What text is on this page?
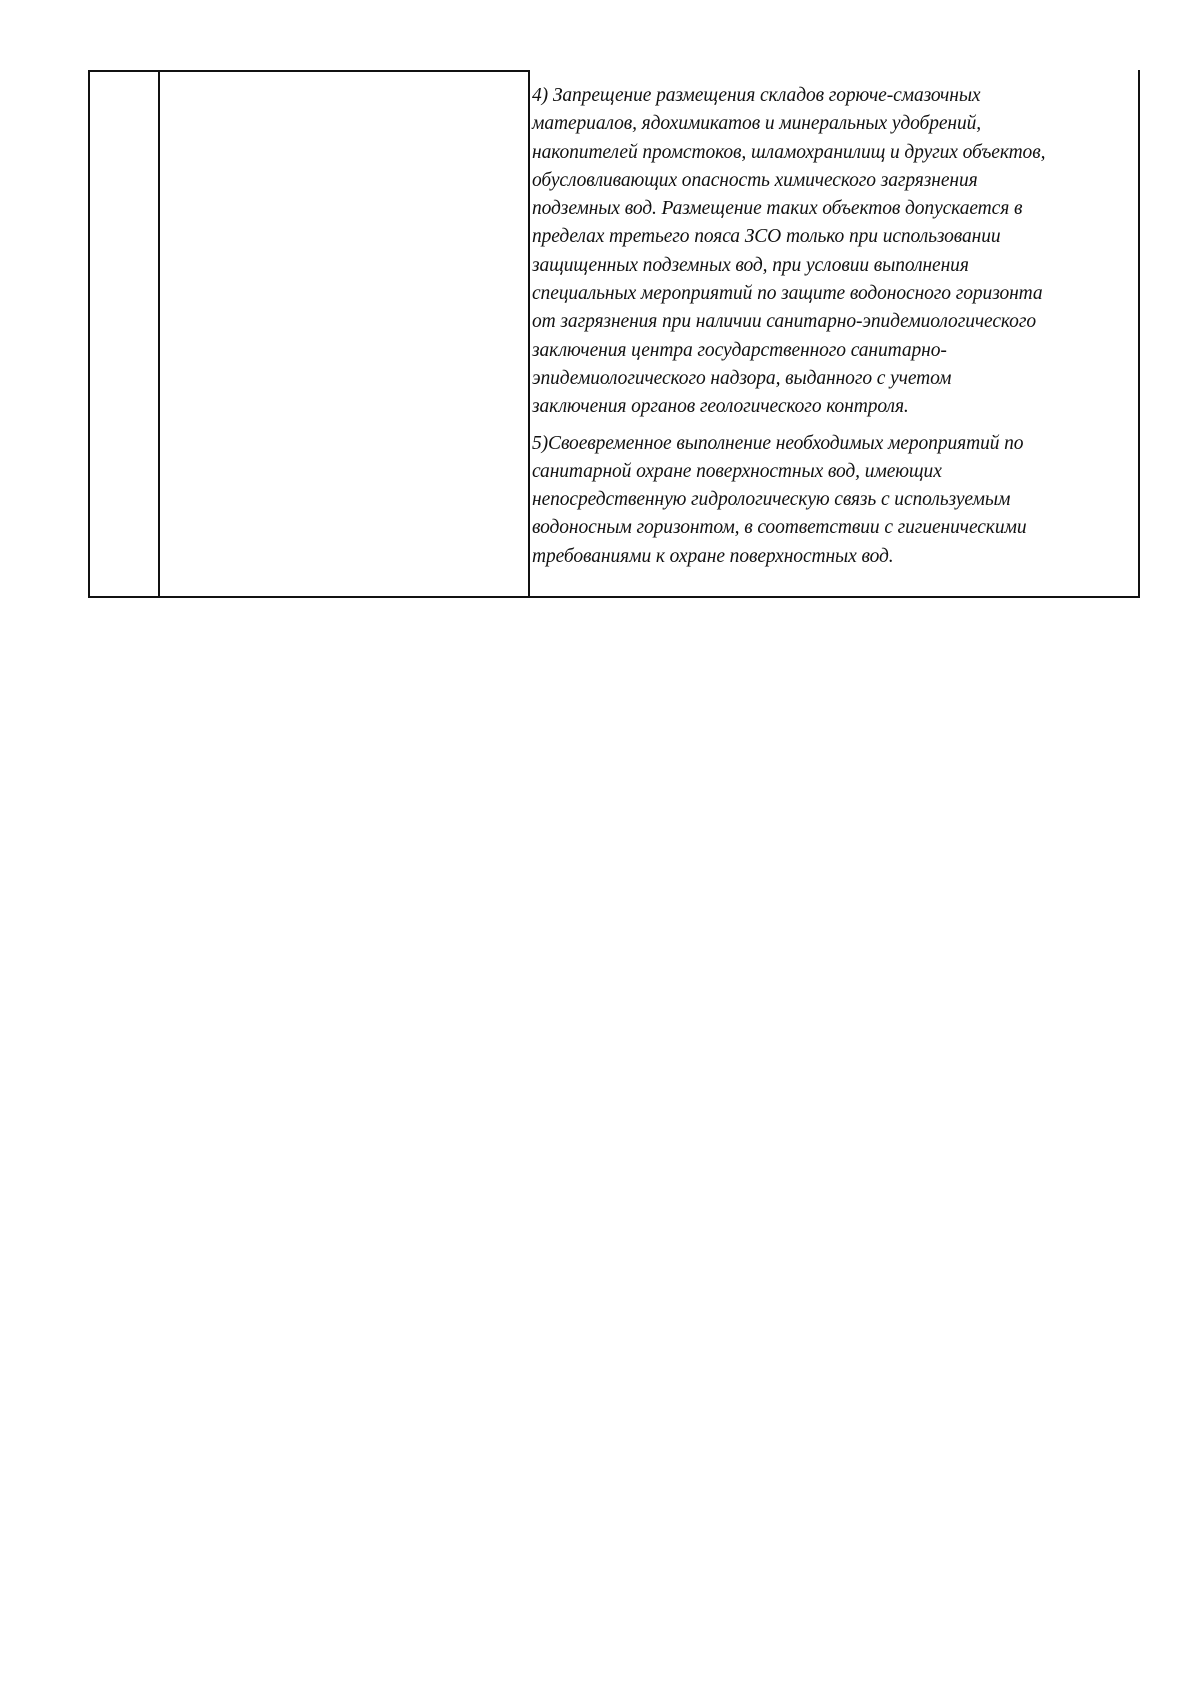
4) Запрещение размещения складов горюче-смазочных
материалов, ядохимикатов и минеральных удобрений,
накопителей промстоков, шламохранилищ и других объектов,
обусловливающих опасность химического загрязнения
подземных вод. Размещение таких объектов допускается в
пределах третьего пояса ЗСО только при использовании
защищенных подземных вод, при условии выполнения
специальных мероприятий по защите водоносного горизонта
от загрязнения при наличии санитарно-эпидемиологического
заключения центра государственного санитарно-
эпидемиологического надзора, выданного с учетом
заключения органов геологического контроля.

5)Своевременное выполнение необходимых мероприятий по
санитарной охране поверхностных вод, имеющих
непосредственную гидрологическую связь с используемым
водоносным горизонтом, в соответствии с гигиеническими
требованиями к охране поверхностных вод.
